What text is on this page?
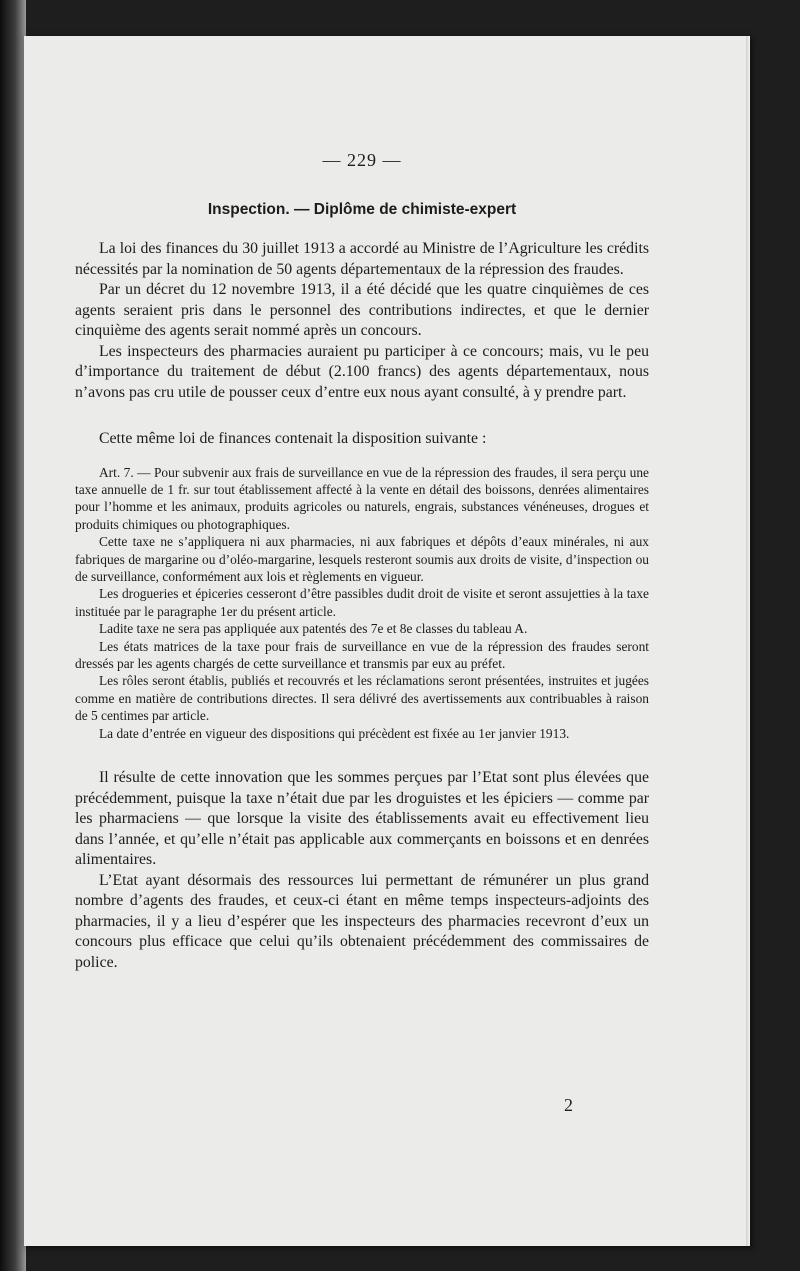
— 229 —
Inspection. — Diplôme de chimiste-expert

La loi des finances du 30 juillet 1913 a accordé au Ministre de l’Agriculture les crédits nécessités par la nomination de 50 agents départementaux de la répression des fraudes.

Par un décret du 12 novembre 1913, il a été décidé que les quatre cinquièmes de ces agents seraient pris dans le personnel des contributions indirectes, et que le dernier cinquième des agents serait nommé après un concours.

Les inspecteurs des pharmacies auraient pu participer à ce concours; mais, vu le peu d’importance du traitement de début (2.100 francs) des agents départementaux, nous n’avons pas cru utile de pousser ceux d’entre eux nous ayant consulté, à y prendre part.

Cette même loi de finances contenait la disposition suivante :

Art. 7. — Pour subvenir aux frais de surveillance en vue de la répression des fraudes, il sera perçu une taxe annuelle de 1 fr. sur tout établissement affecté à la vente en détail des boissons, denrées alimentaires pour l’homme et les animaux, produits agricoles ou naturels, engrais, substances vénéneuses, drogues et produits chimiques ou photographiques.

Cette taxe ne s’appliquera ni aux pharmacies, ni aux fabriques et dépôts d’eaux minérales, ni aux fabriques de margarine ou d’oléo-margarine, lesquels resteront soumis aux droits de visite, d’inspection ou de surveillance, conformément aux lois et règlements en vigueur.

Les drogueries et épiceries cesseront d’être passibles dudit droit de visite et seront assujetties à la taxe instituée par le paragraphe 1er du présent article.

Ladite taxe ne sera pas appliquée aux patentés des 7e et 8e classes du tableau A.

Les états matrices de la taxe pour frais de surveillance en vue de la répression des fraudes seront dressés par les agents chargés de cette surveillance et transmis par eux au préfet.

Les rôles seront établis, publiés et recouvrés et les réclamations seront présentées, instruites et jugées comme en matière de contributions directes. Il sera délivré des avertissements aux contribuables à raison de 5 centimes par article.

La date d’entrée en vigueur des dispositions qui précèdent est fixée au 1er janvier 1913.

Il résulte de cette innovation que les sommes perçues par l’Etat sont plus élevées que précédemment, puisque la taxe n’était due par les droguistes et les épiciers — comme par les pharmaciens — que lorsque la visite des établissements avait eu effectivement lieu dans l’année, et qu’elle n’était pas applicable aux commerçants en boissons et en denrées alimentaires.

L’Etat ayant désormais des ressources lui permettant de rémunérer un plus grand nombre d’agents des fraudes, et ceux-ci étant en même temps inspecteurs-adjoints des pharmacies, il y a lieu d’espérer que les inspecteurs des pharmacies recevront d’eux un concours plus efficace que celui qu’ils obtenaient précédemment des commissaires de police.

2
